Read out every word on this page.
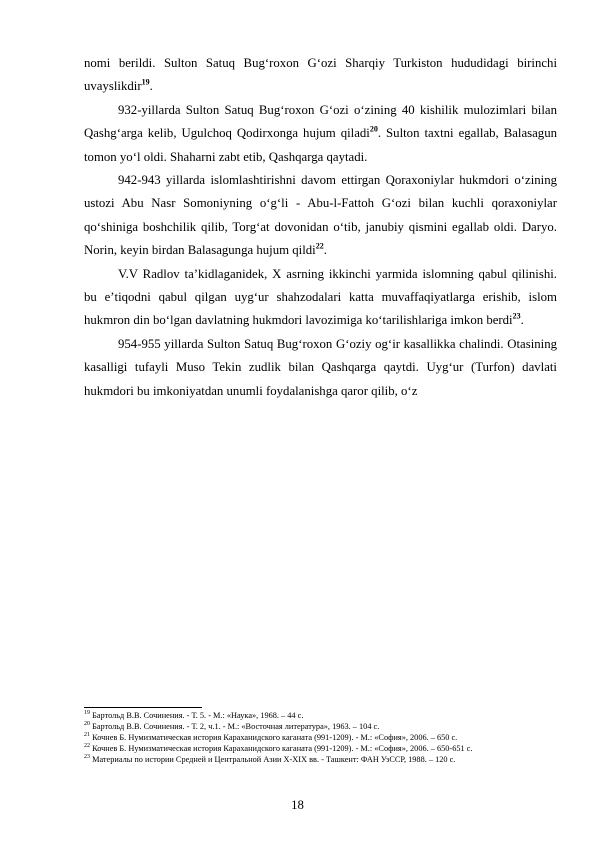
nomi berildi. Sulton Satuq Bugʻroxon Gʻozi Sharqiy Turkiston hududidagi birinchi uvayslikdir$^{19}$.

932-yillarda Sulton Satuq Bugʻroxon Gʻozi oʻzining 40 kishilik mulozimlari bilan Qashgʻarga kelib, Ugulchoq Qodirxonga hujum qiladi$^{20}$. Sulton taxtni egallab, Balasagun tomon yoʻl oldi. Shaharni zabt etib, Qashqarga qaytadi.

942-943 yillarda islomlashtirishni davom ettirgan Qoraxoniylar hukmdori oʻzining ustozi Abu Nasr Somoniyning oʻgʻli - Abu-l-Fattoh Gʻozi bilan kuchli qoraxoniylar qoʻshiniga boshchilik qilib, Torgʻat dovonidan oʻtib, janubiy qismini egallab oldi. Daryo. Norin, keyin birdan Balasagunga hujum qildi$^{22}$.

V.V Radlov taʼkidlaganidek, X asrning ikkinchi yarmida islomning qabul qilinishi. bu eʼtiqodni qabul qilgan uygʻur shahzodalari katta muvaffaqiyatlarga erishib, islom hukmron din boʻlgan davlatning hukmdori lavozimiga koʻtarilishlariga imkon berdi$^{23}$.

954-955 yillarda Sulton Satuq Bugʻroxon Gʻoziy ogʻir kasallikka chalindi. Otasining kasalligi tufayli Muso Tekin zudlik bilan Qashqarga qaytdi. Uygʻur (Turfon) davlati hukmdori bu imkoniyatdan unumli foydalanishga qaror qilib, oʻz

$^{19}$ Бартольд В.В. Сочинения. - Т. 5. - М.: «Наука», 1968. – 44 с.

$^{20}$ Бартольд В.В. Сочинения. - Т. 2, ч.1. - М.: «Восточная литература», 1963. – 104 с.

$^{21}$ Кочнев Б. Нумизматическая история Караханидского каганата (991-1209). - М.: «София», 2006. – 650 с.

$^{22}$ Кочнев Б. Нумизматическая история Караханидского каганата (991-1209). - М.: «София», 2006. – 650-651 с.

$^{23}$ Материалы по истории Средней и Центральной Азии X-XIX вв. - Ташкент: ФАН УзССР, 1988. – 120 с.

18
